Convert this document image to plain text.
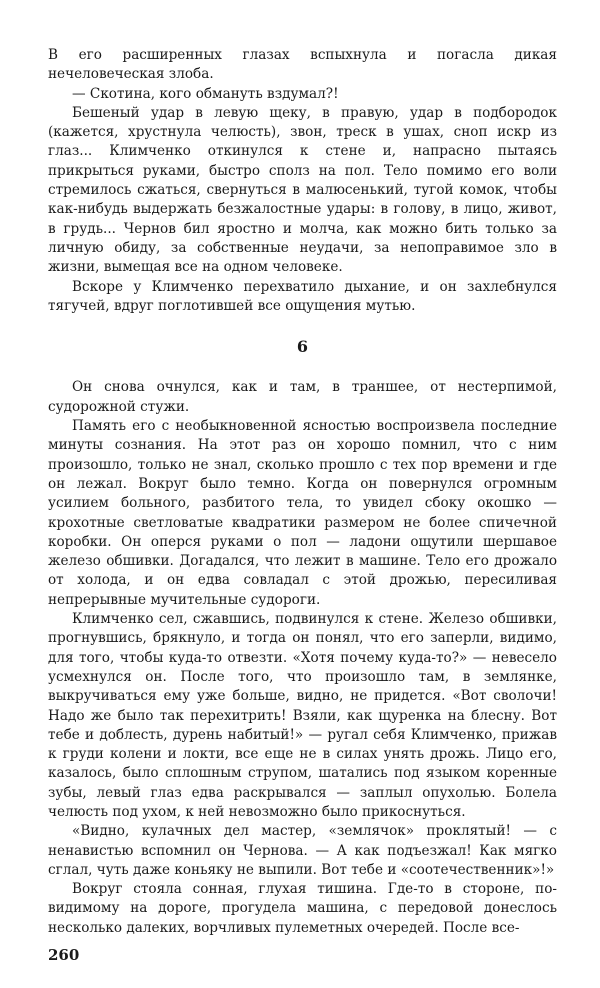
В его расширенных глазах вспыхнула и погасла дикая нечеловеческая злоба.

— Скотина, кого обмануть вздумал?!

Бешеный удар в левую щеку, в правую, удар в подбородок (кажется, хрустнула челюсть), звон, треск в ушах, сноп искр из глаз... Климченко откинулся к стене и, напрасно пытаясь прикрыться руками, быстро сполз на пол. Тело помимо его воли стремилось сжаться, свернуться в малюсенький, тугой комок, чтобы как-нибудь выдержать безжалостные удары: в голову, в лицо, живот, в грудь... Чернов бил яростно и молча, как можно бить только за личную обиду, за собственные неудачи, за непоправимое зло в жизни, вымещая все на одном человеке.

Вскоре у Климченко перехватило дыхание, и он захлебнулся тягучей, вдруг поглотившей все ощущения мутью.

6

Он снова очнулся, как и там, в траншее, от нестерпимой, судорожной стужи.

Память его с необыкновенной ясностью воспроизвела последние минуты сознания. На этот раз он хорошо помнил, что с ним произошло, только не знал, сколько прошло с тех пор времени и где он лежал. Вокруг было темно. Когда он повернулся огромным усилием больного, разбитого тела, то увидел сбоку окошко — крохотные светловатые квадратики размером не более спичечной коробки. Он оперся руками о пол — ладони ощутили шершавое железо обшивки. Догадался, что лежит в машине. Тело его дрожало от холода, и он едва совладал с этой дрожью, пересиливая непрерывные мучительные судороги.

Климченко сел, сжавшись, подвинулся к стене. Железо обшивки, прогнувшись, брякнуло, и тогда он понял, что его заперли, видимо, для того, чтобы куда-то отвезти. «Хотя почему куда-то?» — невесело усмехнулся он. После того, что произошло там, в землянке, выкручиваться ему уже больше, видно, не придется. «Вот сволочи! Надо же было так перехитрить! Взяли, как щуренка на блесну. Вот тебе и доблесть, дурень набитый!» — ругал себя Климченко, прижав к груди колени и локти, все еще не в силах унять дрожь. Лицо его, казалось, было сплошным струпом, шатались под языком коренные зубы, левый глаз едва раскрывался — заплыл опухолью. Болела челюсть под ухом, к ней невозможно было прикоснуться.

«Видно, кулачных дел мастер, «землячок» проклятый! — с ненавистью вспомнил он Чернова. — А как подъезжал! Как мягко сглал, чуть даже коньяку не выпили. Вот тебе и «соотечественник»!»

Вокруг стояла сонная, глухая тишина. Где-то в стороне, по-видимому на дороге, прогудела машина, с передовой донеслось несколько далеких, ворчливых пулеметных очередей. После все-

260
